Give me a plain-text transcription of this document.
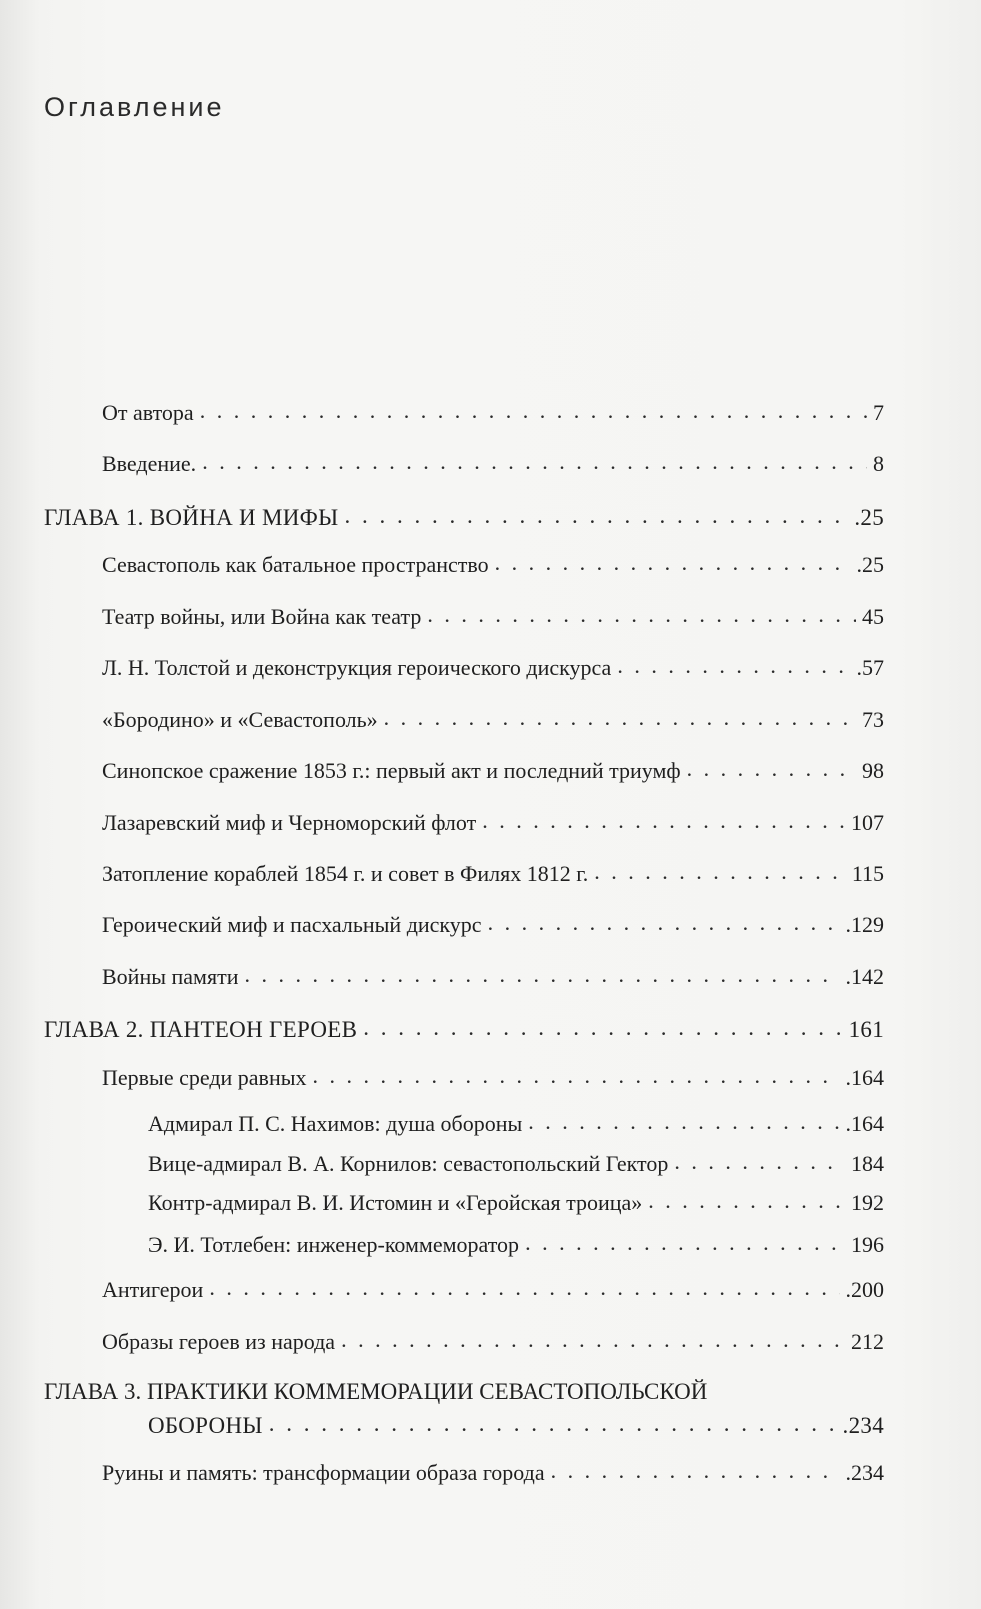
Оглавление
От автора . . .	7
Введение. . . .	8
ГЛАВА 1. ВОЙНА И МИФЫ . . .	.25
Севастополь как батальное пространство . . .	.25
Театр войны, или Война как театр . . .	45
Л. Н. Толстой и деконструкция героического дискурса . . .	.57
«Бородино» и «Севастополь» . . .	73
Синопское сражение 1853 г.: первый акт и последний триумф . . .	98
Лазаревский миф и Черноморский флот . . .	107
Затопление кораблей 1854 г. и совет в Филях 1812 г. . . .	115
Героический миф и пасхальный дискурс . . .	.129
Войны памяти . . .	.142
ГЛАВА 2. ПАНТЕОН ГЕРОЕВ . . .	161
Первые среди равных . . .	.164
Адмирал П. С. Нахимов: душа обороны . . .	.164
Вице-адмирал В. А. Корнилов: севастопольский Гектор . . .	184
Контр-адмирал В. И. Истомин и «Геройская троица» . . .	192
Э. И. Тотлебен: инженер-коммеморатор . . .	196
Антигерои . . .	.200
Образы героев из народа . . .	212
ГЛАВА 3. ПРАКТИКИ КОММЕМОРАЦИИ СЕВАСТОПОЛЬСКОЙ
ОБОРОНЫ . . .	.234
Руины и память: трансформации образа города . . .	.234
